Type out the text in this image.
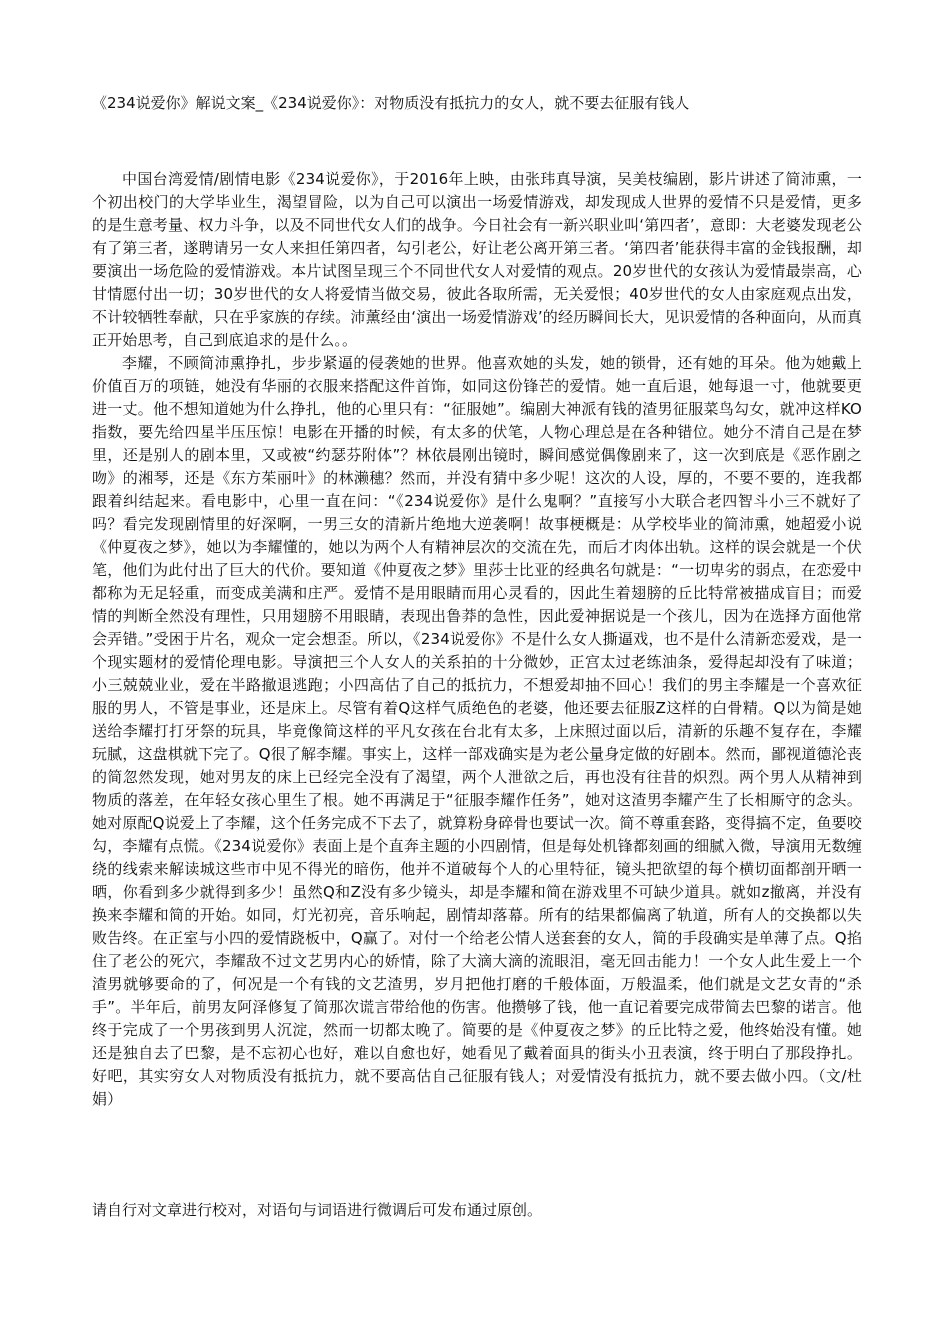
《234说爱你》解说文案_《234说爱你》：对物质没有抵抗力的女人，就不要去征服有钱人

中国台湾爱情/剧情电影《234说爱你》，于2016年上映，由张玮真导演，吴美枝编剧，影片讲述了简沛熏，一个初出校门的大学毕业生，渴望冒险，以为自己可以演出一场爱情游戏，却发现成人世界的爱情不只是爱情，更多的是生意考量、权力斗争，以及不同世代女人们的战争。今日社会有一新兴职业叫‘第四者’，意即：大老婆发现老公有了第三者，遂聘请另一女人来担任第四者，勾引老公，好让老公离开第三者。‘第四者’能获得丰富的金钱报酬，却要演出一场危险的爱情游戏。本片试图呈现三个不同世代女人对爱情的观点。20岁世代的女孩认为爱情最崇高，心甘情愿付出一切；30岁世代的女人将爱情当做交易，彼此各取所需，无关爱恨；40岁世代的女人由家庭观点出发，不计较牺牲奉献，只在乎家族的存续。沛薰经由‘演出一场爱情游戏’的经历瞬间长大，见识爱情的各种面向，从而真正开始思考，自己到底追求的是什么。。

李耀，不顾简沛熏挣扎，步步紧逼的侵袭她的世界。他喜欢她的头发，她的锁骨，还有她的耳朵。他为她戴上价值百万的项链，她没有华丽的衣服来搭配这件首饰，如同这份锋芒的爱情。她一直后退，她每退一寸，他就要更进一丈。他不想知道她为什么挣扎，他的心里只有：“征服她”。编剧大神派有钱的渣男征服菜鸟勾女，就冲这样KO指数，要先给四星半压压惊！电影在开播的时候，有太多的伏笔，人物心理总是在各种错位。她分不清自己是在梦里，还是别人的剧本里，又或被“约瑟芬附体”？林依晨刚出镜时，瞬间感觉偶像剧来了，这一次到底是《恶作剧之吻》的湘琴，还是《东方茱丽叶》的林濑穗？然而，并没有猜中多少呢！这次的人设，厚的，不要不要的，连我都跟着纠结起来。看电影中，心里一直在问：“《234说爱你》是什么鬼啊？”直接写小大联合老四智斗小三不就好了吗？看完发现剧情里的好深啊，一男三女的清新片绝地大逆袭啊！故事梗概是：从学校毕业的简沛熏，她超爱小说《仲夏夜之梦》，她以为李耀懂的，她以为两个人有精神层次的交流在先，而后才肉体出轨。这样的误会就是一个伏笔，他们为此付出了巨大的代价。要知道《仲夏夜之梦》里莎士比亚的经典名句就是：“一切卑劣的弱点，在恋爱中都称为无足轻重，而变成美满和庄严。爱情不是用眼睛而用心灵看的，因此生着翅膀的丘比特常被描成盲目；而爱情的判断全然没有理性，只用翅膀不用眼睛，表现出鲁莽的急性，因此爱神据说是一个孩儿，因为在选择方面他常会弄错。”受困于片名，观众一定会想歪。所以，《234说爱你》不是什么女人撕逼戏，也不是什么清新恋爱戏，是一个现实题材的爱情伦理电影。导演把三个人女人的关系拍的十分微妙，正宫太过老练油条，爱得起却没有了味道；小三兢兢业业，爱在半路撤退逃跑；小四高估了自己的抵抗力，不想爱却抽不回心！我们的男主李耀是一个喜欢征服的男人，不管是事业，还是床上。尽管有着Q这样气质绝色的老婆，他还要去征服Z这样的白骨精。Q以为简是她送给李耀打打牙祭的玩具，毕竟像简这样的平凡女孩在台北有太多，上床照过面以后，清新的乐趣不复存在，李耀玩腻，这盘棋就下完了。Q很了解李耀。事实上，这样一部戏确实是为老公量身定做的好剧本。然而，鄙视道德沦丧的简忽然发现，她对男友的床上已经完全没有了渴望，两个人泄欲之后，再也没有往昔的炽烈。两个男人从精神到物质的落差，在年轻女孩心里生了根。她不再满足于“征服李耀作任务”，她对这渣男李耀产生了长相厮守的念头。她对原配Q说爱上了李耀，这个任务完成不下去了，就算粉身碎骨也要试一次。简不尊重套路，变得搞不定，鱼要咬勾，李耀有点慌。《234说爱你》表面上是个直奔主题的小四剧情，但是每处机锋都刻画的细腻入微，导演用无数缠绕的线索来解读城这些市中见不得光的暗伤，他并不道破每个人的心里特征，镜头把欲望的每个横切面都剖开晒一晒，你看到多少就得到多少！虽然Q和Z没有多少镜头，却是李耀和简在游戏里不可缺少道具。就如z撤离，并没有换来李耀和简的开始。如同，灯光初亮，音乐响起，剧情却落幕。所有的结果都偏离了轨道，所有人的交换都以失败告终。在正室与小四的爱情跷板中，Q赢了。对付一个给老公情人送套套的女人，简的手段确实是单薄了点。Q掐住了老公的死穴，李耀敌不过文艺男内心的娇情，除了大滴大滴的流眼泪，毫无回击能力！一个女人此生爱上一个渣男就够要命的了，何况是一个有钱的文艺渣男，岁月把他打磨的千般体面，万般温柔，他们就是文艺女青的“杀手”。半年后，前男友阿泽修复了简那次谎言带给他的伤害。他攒够了钱，他一直记着要完成带简去巴黎的诺言。他终于完成了一个男孩到男人沉淀，然而一切都太晚了。简要的是《仲夏夜之梦》的丘比特之爱，他终始没有懂。她还是独自去了巴黎，是不忘初心也好，难以自愈也好，她看见了戴着面具的街头小丑表演，终于明白了那段挣扎。好吧，其实穷女人对物质没有抵抗力，就不要高估自己征服有钱人；对爱情没有抵抗力，就不要去做小四。（文/杜娟）

请自行对文章进行校对，对语句与词语进行微调后可发布通过原创。
